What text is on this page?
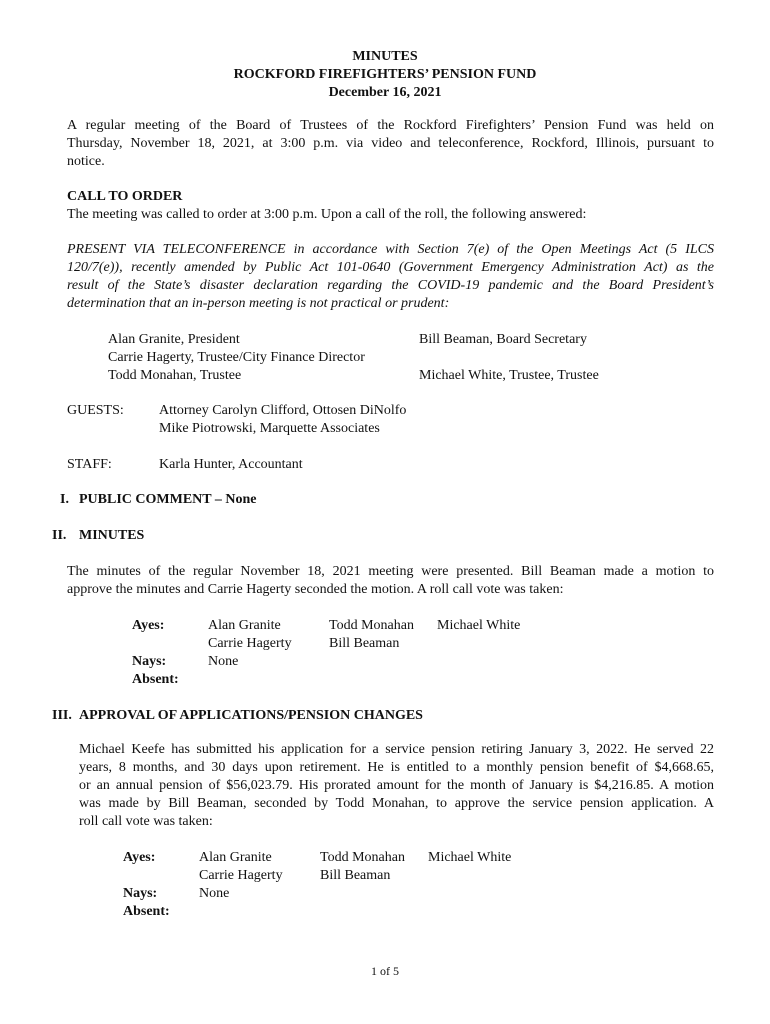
MINUTES
ROCKFORD FIREFIGHTERS’ PENSION FUND
December 16, 2021
A regular meeting of the Board of Trustees of the Rockford Firefighters’ Pension Fund was held on
Thursday, November 18, 2021, at 3:00 p.m. via video and teleconference, Rockford, Illinois, pursuant to
notice.
CALL TO ORDER
The meeting was called to order at 3:00 p.m. Upon a call of the roll, the following answered:
PRESENT VIA TELECONFERENCE in accordance with Section 7(e) of the Open Meetings Act (5 ILCS
120/7(e)), recently amended by Public Act 101-0640 (Government Emergency Administration Act) as the
result of the State’s disaster declaration regarding the COVID-19 pandemic and the Board President’s
determination that an in-person meeting is not practical or prudent:
Alan Granite, President
Carrie Hagerty, Trustee/City Finance Director
Todd Monahan, Trustee
Bill Beaman, Board Secretary
Michael White, Trustee, Trustee
GUESTS:	Attorney Carolyn Clifford, Ottosen DiNolfo
Mike Piotrowski, Marquette Associates
STAFF:	Karla Hunter, Accountant
I. PUBLIC COMMENT – None
II. MINUTES
The minutes of the regular November 18, 2021 meeting were presented. Bill Beaman made a motion to
approve the minutes and Carrie Hagerty seconded the motion. A roll call vote was taken:
Ayes:
Nays:
Absent:
Alan Granite
Carrie Hagerty
Todd Monahan
Bill Beaman
Michael White
None
III. APPROVAL OF APPLICATIONS/PENSION CHANGES
Michael Keefe has submitted his application for a service pension retiring January 3, 2022. He served 22
years, 8 months, and 30 days upon retirement. He is entitled to a monthly pension benefit of $4,668.65,
or an annual pension of $56,023.79. His prorated amount for the month of January is $4,216.85. A motion
was made by Bill Beaman, seconded by Todd Monahan, to approve the service pension application. A
roll call vote was taken:
Ayes:
Nays:
Absent:
Alan Granite
Carrie Hagerty
Todd Monahan
Bill Beaman
Michael White
None
1 of 5
